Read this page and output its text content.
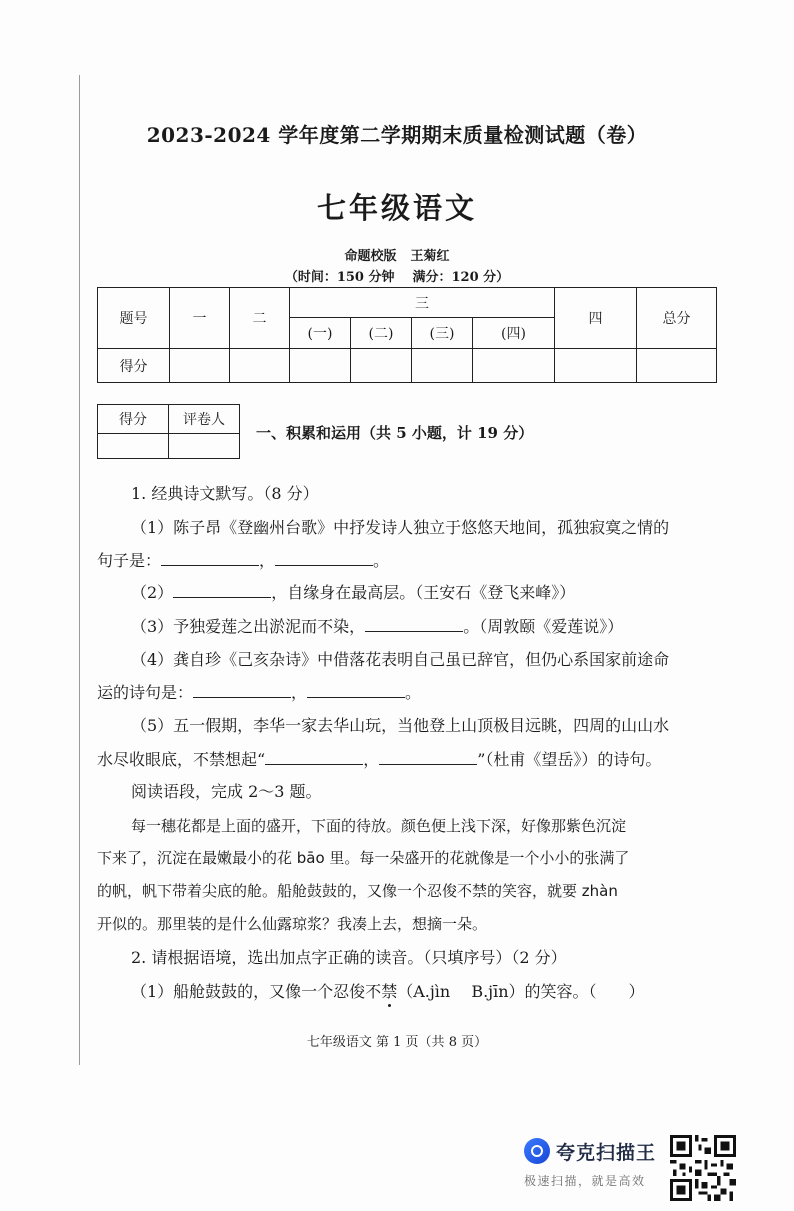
2023-2024 学年度第二学期期末质量检测试题（卷）
七年级语文
命题校版 王菊红
（时间：150 分钟 满分：120 分）
题号	一	二	三				四	总分
			(一)	(二)	(三)	(四)		
得分								
得分	评卷人

一、积累和运用（共 5 小题，计 19 分）
1. 经典诗文默写。（8 分）
（1）陈子昂《登幽州台歌》中抒发诗人独立于悠悠天地间，孤独寂寞之情的
句子是：	，	。
（2）	，自缘身在最高层。（王安石《登飞来峰》）
（3）予独爱莲之出淤泥而不染，	。（周敦颐《爱莲说》）
（4）龚自珍《己亥杂诗》中借落花表明自己虽已辞官，但仍心系国家前途命
运的诗句是：	，	。
（5）五一假期，李华一家去华山玩，当他登上山顶极目远眺，四周的山山水
水尽收眼底，不禁想起“	，	”（杜甫《望岳》）的诗句。
阅读语段，完成 2～3 题。
每一穗花都是上面的盛开，下面的待放。颜色便上浅下深，好像那紫色沉淀
下来了，沉淀在最嫩最小的花 bāo 里。每一朵盛开的花就像是一个小小的张满了
的帆，帆下带着尖底的舱。船舱鼓鼓的，又像一个忍俊不禁的笑容，就要 zhàn
开似的。那里装的是什么仙露琼浆？我凑上去，想摘一朵。
2. 请根据语境，选出加点字正确的读音。（只填序号）（2 分）
（1）船舱鼓鼓的，又像一个忍俊不禁（A.jìn　 B.jīn）的笑容。（　　）
七年级语文 第 1 页（共 8 页）
夸克扫描王
极速扫描，就是高效
